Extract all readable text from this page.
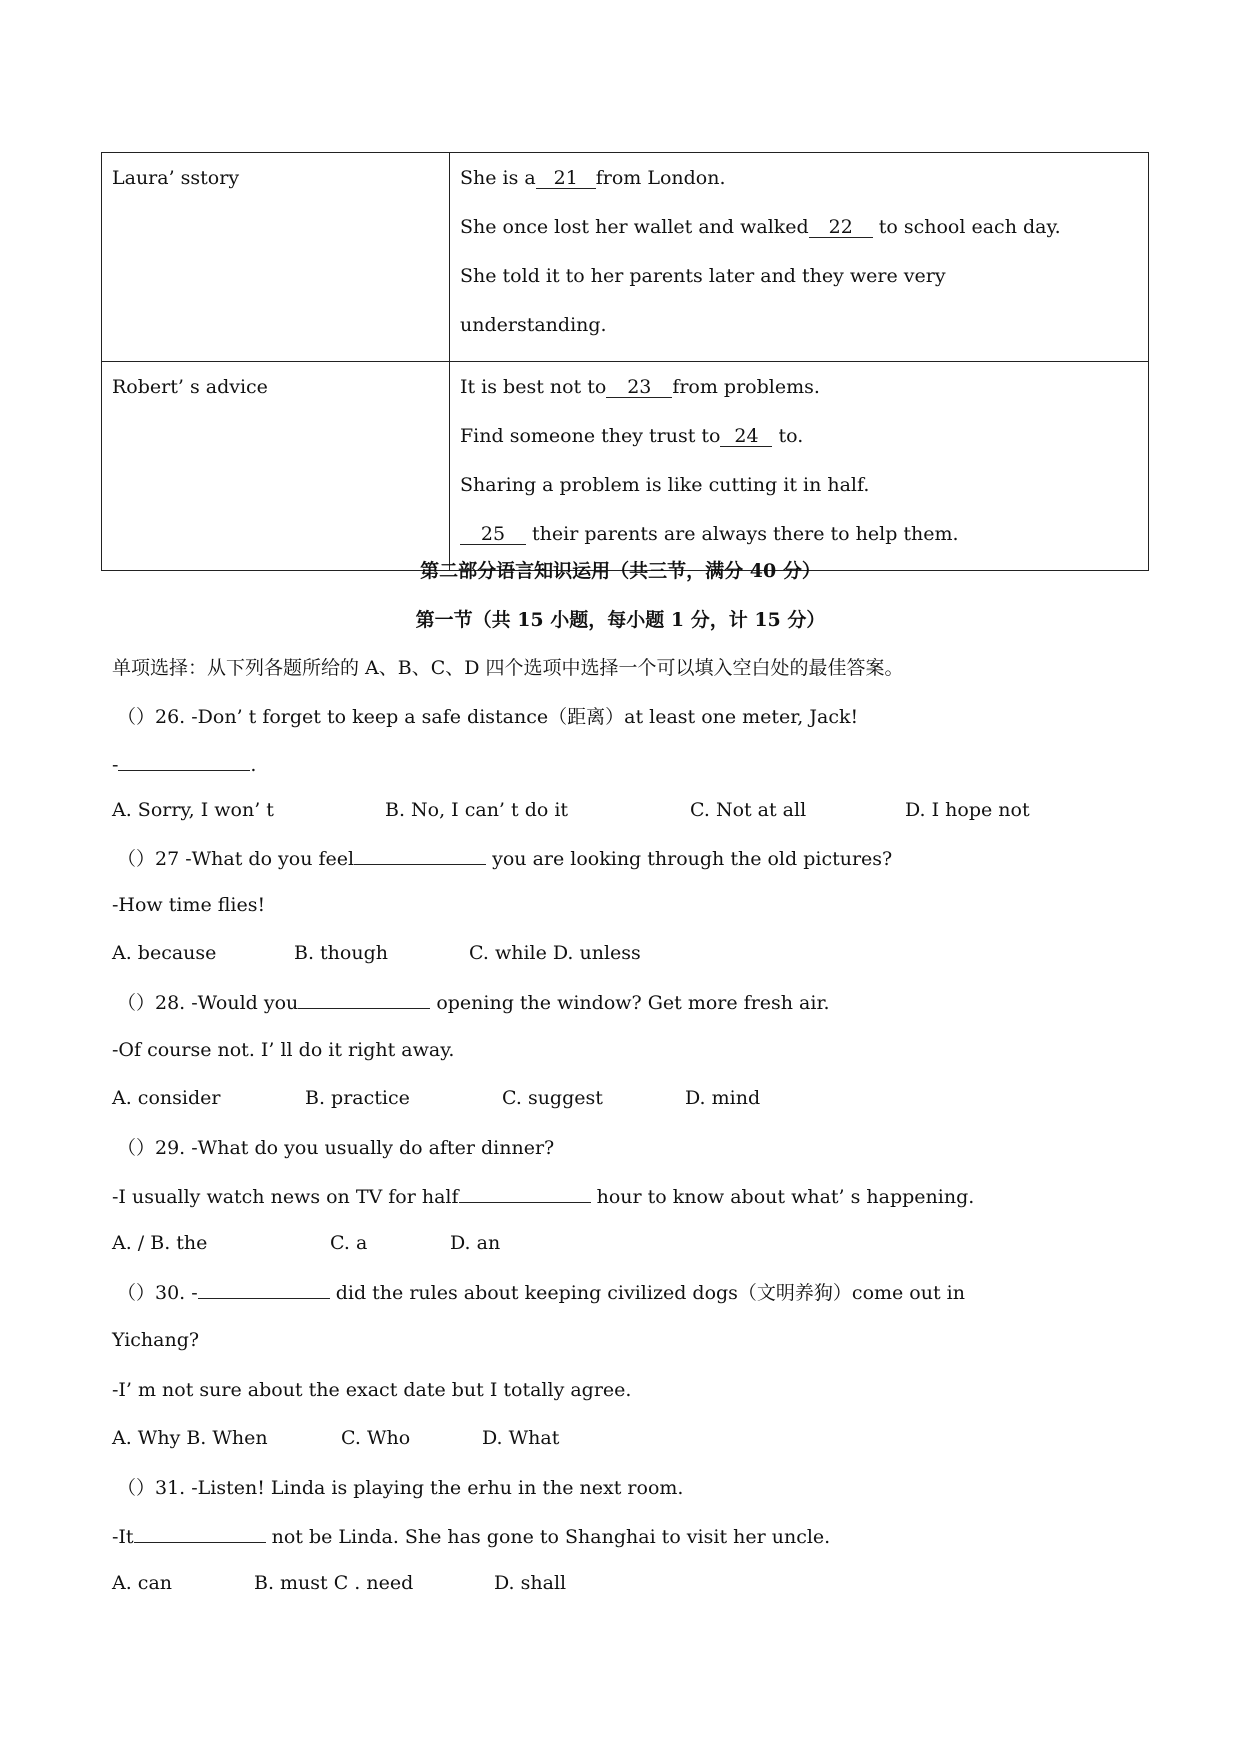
Laura’ sstory	She is a 21 from London.
She once lost her wallet and walked 22 to school each day.
She told it to her parents later and they were very
understanding.

Robert’ s advice	It is best not to 23 from problems.
Find someone they trust to 24 to.
Sharing a problem is like cutting it in half.
25 their parents are always there to help them.
第二部分语言知识运用（共三节，满分 40 分）
第一节（共 15 小题，每小题 1 分，计 15 分）
单项选择：从下列各题所给的 A、B、C、D 四个选项中选择一个可以填入空白处的最佳答案。
（）26. -Don’ t forget to keep a safe distance（距离）at least one meter, Jack!
-	.
A. Sorry, I won’ t	B. No, I can’ t do it	C. Not at all	D. I hope not
（）27 -What do you feel	you are looking through the old pictures?
-How time flies!
A. because	B. though	C. while D. unless
（）28. -Would you	opening the window? Get more fresh air.
-Of course not. I’ ll do it right away.
A. consider	B. practice	C. suggest	D. mind
（）29. -What do you usually do after dinner?
-I usually watch news on TV for half	hour to know about what’ s happening.
A. / B. the	C. a	D. an
（）30. -	did the rules about keeping civilized dogs（文明养狗）come out in
Yichang?
-I’ m not sure about the exact date but I totally agree.
A. Why B. When	C. Who	D. What
（）31. -Listen! Linda is playing the erhu in the next room.
-It	not be Linda. She has gone to Shanghai to visit her uncle.
A. can	B. must C . need	D. shall
